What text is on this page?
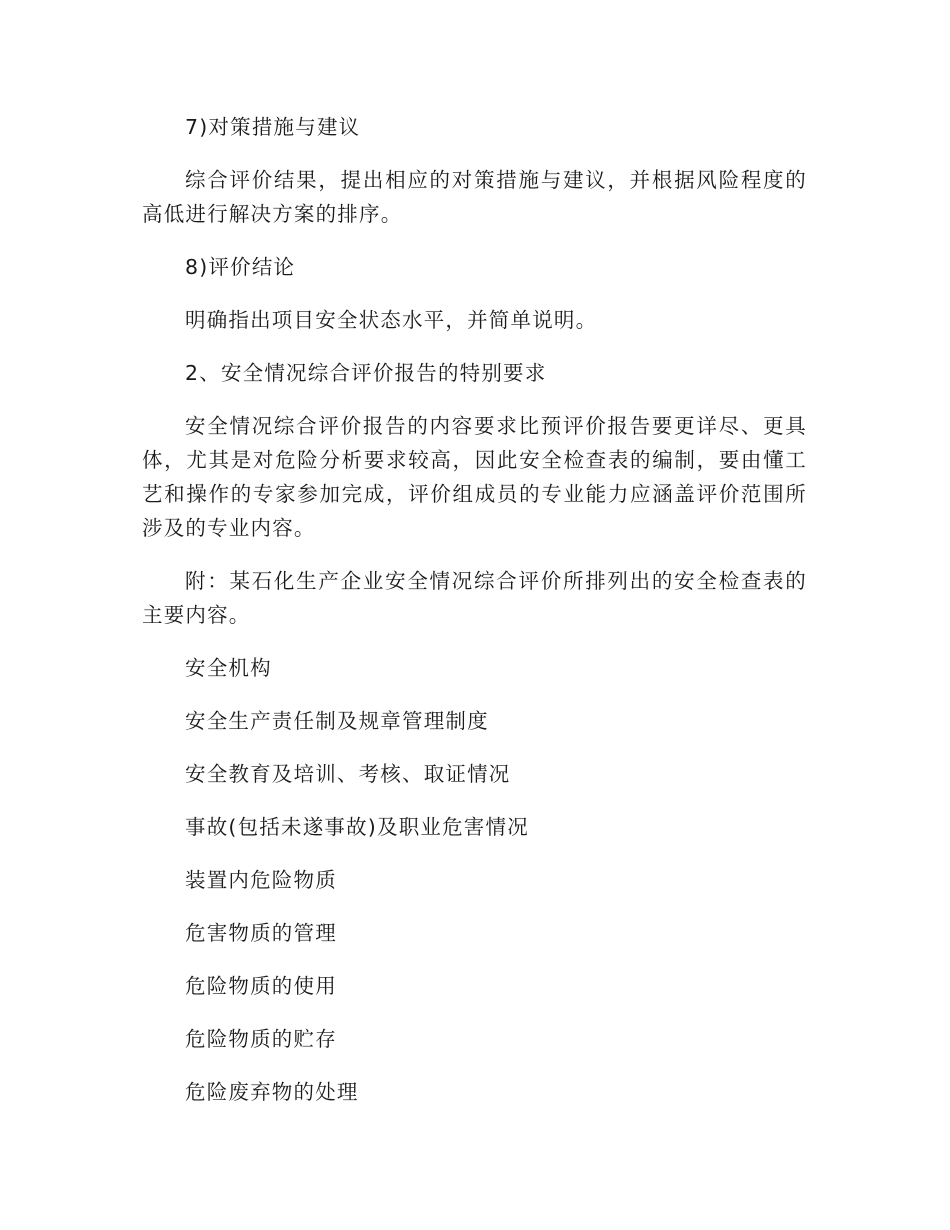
7)对策措施与建议

综合评价结果，提出相应的对策措施与建议，并根据风险程度的高低进行解决方案的排序。

8)评价结论

明确指出项目安全状态水平，并简单说明。

2、安全情况综合评价报告的特别要求

安全情况综合评价报告的内容要求比预评价报告要更详尽、更具体，尤其是对危险分析要求较高，因此安全检查表的编制，要由懂工艺和操作的专家参加完成，评价组成员的专业能力应涵盖评价范围所涉及的专业内容。

附：某石化生产企业安全情况综合评价所排列出的安全检查表的主要内容。

安全机构

安全生产责任制及规章管理制度

安全教育及培训、考核、取证情况

事故(包括未遂事故)及职业危害情况

装置内危险物质

危害物质的管理

危险物质的使用

危险物质的贮存

危险废弃物的处理
